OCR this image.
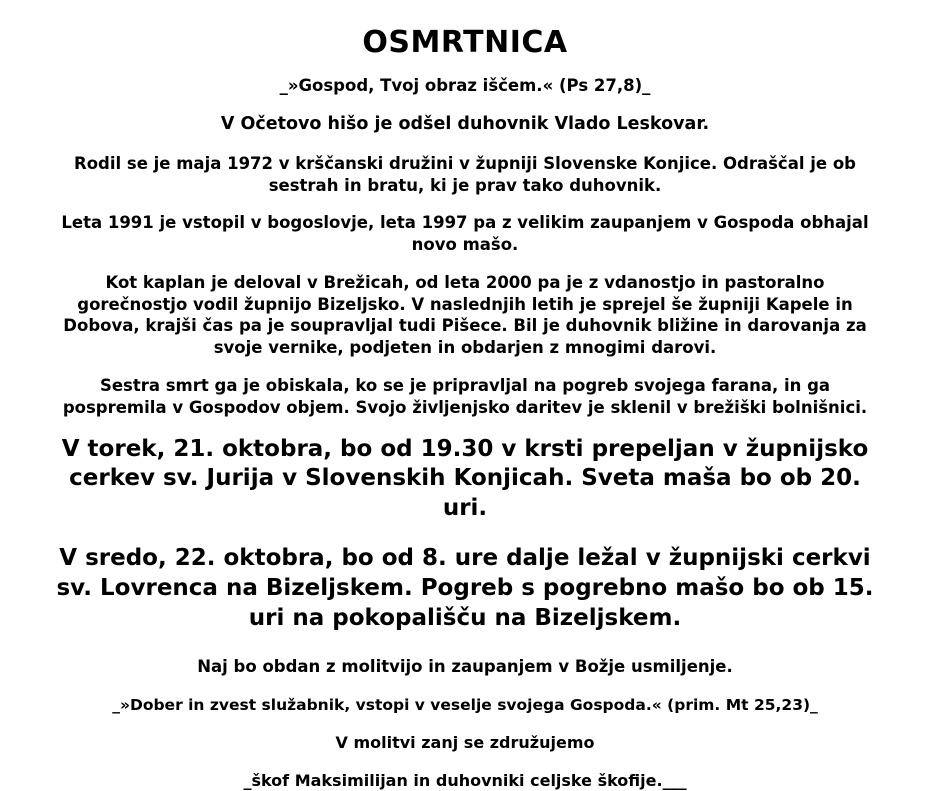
OSMRTNICA

_»Gospod, Tvoj obraz iščem.« (Ps 27,8)_

V Očetovo hišo je odšel duhovnik Vlado Leskovar.

Rodil se je maja 1972 v krščanski družini v župniji Slovenske Konjice. Odraščal je ob sestrah in bratu, ki je prav tako duhovnik.

Leta 1991 je vstopil v bogoslovje, leta 1997 pa z velikim zaupanjem v Gospoda obhajal novo mašo.

Kot kaplan je deloval v Brežicah, od leta 2000 pa je z vdanostjo in pastoralno gorečnostjo vodil župnijo Bizeljsko. V naslednjih letih je sprejel še župniji Kapele in Dobova, krajši čas pa je soupravljal tudi Pišece. Bil je duhovnik bližine in darovanja za svoje vernike, podjeten in obdarjen z mnogimi darovi.

Sestra smrt ga je obiskala, ko se je pripravljal na pogreb svojega farana, in ga pospremila v Gospodov objem. Svojo življenjsko daritev je sklenil v brežiški bolnišnici.

V torek, 21. oktobra, bo od 19.30 v krsti prepeljan v župnijsko cerkev sv. Jurija v Slovenskih Konjicah. Sveta maša bo ob 20. uri.

V sredo, 22. oktobra, bo od 8. ure dalje ležal v župnijski cerkvi sv. Lovrenca na Bizeljskem. Pogreb s pogrebno mašo bo ob 15. uri na pokopališču na Bizeljskem.

Naj bo obdan z molitvijo in zaupanjem v Božje usmiljenje.

_»Dober in zvest služabnik, vstopi v veselje svojega Gospoda.« (prim. Mt 25,23)_

V molitvi zanj se združujemo

_škof Maksimilijan in duhovniki celjske škofije.___
